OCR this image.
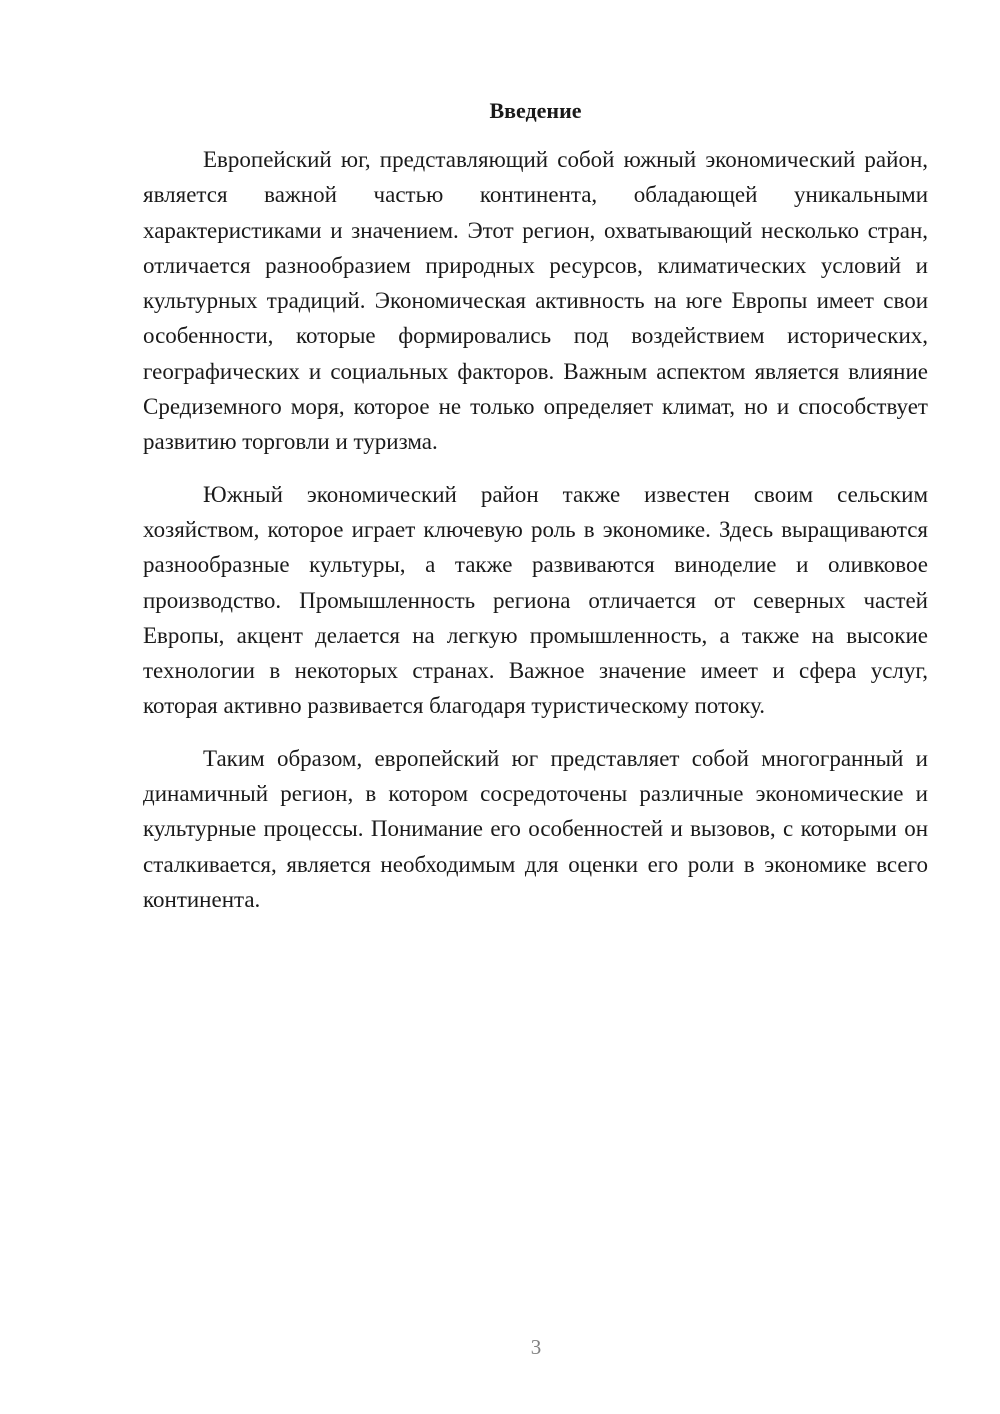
Введение

Европейский юг, представляющий собой южный экономический район, является важной частью континента, обладающей уникальными характеристиками и значением. Этот регион, охватывающий несколько стран, отличается разнообразием природных ресурсов, климатических условий и культурных традиций. Экономическая активность на юге Европы имеет свои особенности, которые формировались под воздействием исторических, географических и социальных факторов. Важным аспектом является влияние Средиземного моря, которое не только определяет климат, но и способствует развитию торговли и туризма.

Южный экономический район также известен своим сельским хозяйством, которое играет ключевую роль в экономике. Здесь выращиваются разнообразные культуры, а также развиваются виноделие и оливковое производство. Промышленность региона отличается от северных частей Европы, акцент делается на легкую промышленность, а также на высокие технологии в некоторых странах. Важное значение имеет и сфера услуг, которая активно развивается благодаря туристическому потоку.

Таким образом, европейский юг представляет собой многогранный и динамичный регион, в котором сосредоточены различные экономические и культурные процессы. Понимание его особенностей и вызовов, с которыми он сталкивается, является необходимым для оценки его роли в экономике всего континента.

3
